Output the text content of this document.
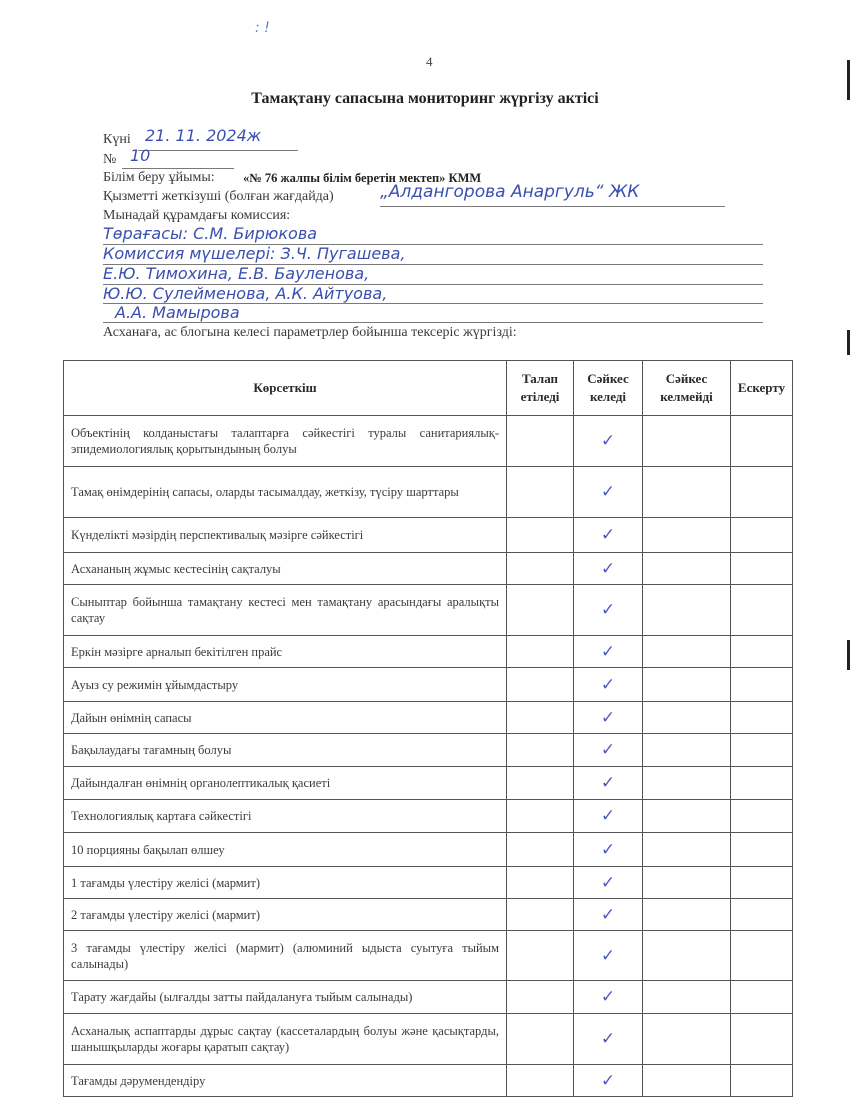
: !
4
Тамақтану сапасына мониторинг жүргізу актісі
Күні 21. 11. 2024ж
№ 10
Білім беру ұйымы: «№ 76 жалпы білім беретін мектеп» КММ
Қызметті жеткізуші (болған жағдайда)	„Алдангорова Анаргуль“ ЖК
Мынадай құрамдағы комиссия:
Төрағасы: С.М. Бирюкова
Комиссия мүшелері: З.Ч. Пугашева,
Е.Ю. Тимохина, Е.В. Бауленова,
Ю.Ю. Сулейменова, А.К. Айтуова,
А.А. Мамырова
Асханаға, ас блогына келесі параметрлер бойынша тексеріс жүргізді:
Көрсеткіш	Талап етіледі	Сәйкес келеді	Сәйкес келмейді	Ескерту
Объектінің колданыстағы талаптарға сәйкестігі туралы санитариялық-эпидемиологиялық қорытындының болуы		✓		
Тамақ өнімдерінің сапасы, оларды тасымалдау, жеткізу, түсіру шарттары		✓		
Күнделікті мәзірдің перспективалық мәзірге сәйкестігі		✓		
Асхананың жұмыс кестесінің сақталуы		✓		
Сыныптар бойынша тамақтану кестесі мен тамақтану арасындағы аралықты сақтау		✓		
Еркін мәзірге арналып бекітілген прайс		✓		
Ауыз су режимін ұйымдастыру		✓		
Дайын өнімнің сапасы		✓		
Бақылаудағы тағамның болуы		✓		
Дайындалған өнімнің органолептикалық қасиеті		✓		
Технологиялық картаға сәйкестігі		✓		
10 порцияны бақылап өлшеу		✓		
1 тағамды үлестіру желісі (мармит)		✓		
2 тағамды үлестіру желісі (мармит)		✓		
3 тағамды үлестіру желісі (мармит) (алюминий ыдыста суытуға тыйым салынады)		✓		
Тарату жағдайы (ылғалды затты пайдалануға тыйым салынады)		✓		
Асханалық аспаптарды дұрыс сақтау (кассеталардың болуы және қасықтарды, шанышқыларды жоғары қаратып сақтау)		✓		
Тағамды дәрумендендіру		✓		
